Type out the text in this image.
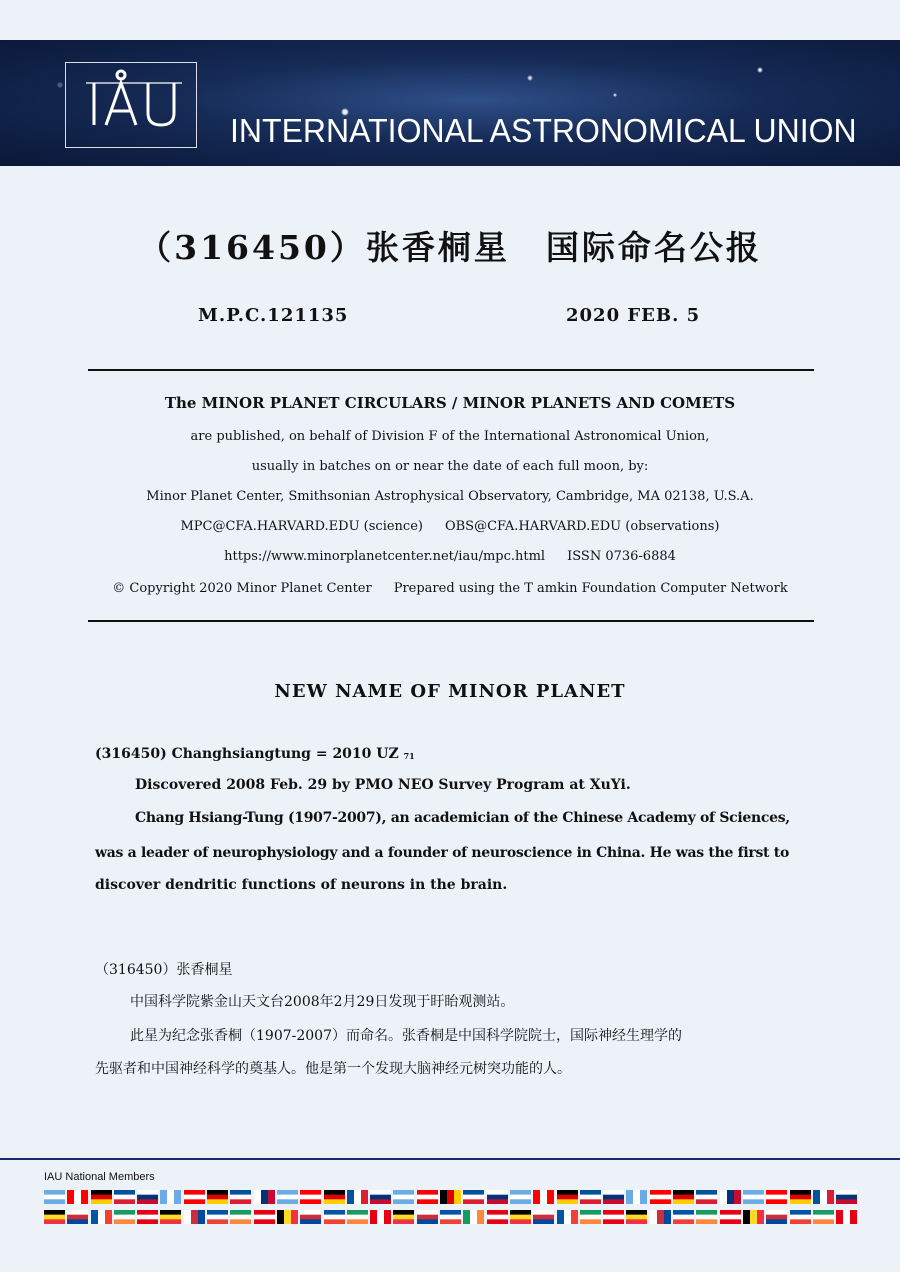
INTERNATIONAL ASTRONOMICAL UNION
（316450）张香桐星　国际命名公报
M.P.C.121135	2020 FEB. 5
The MINOR PLANET CIRCULARS / MINOR PLANETS AND COMETS
are published, on behalf of Division F of the International Astronomical Union,
usually in batches on or near the date of each full moon, by:
Minor Planet Center, Smithsonian Astrophysical Observatory, Cambridge, MA 02138, U.S.A.
MPC@CFA.HARVARD.EDU (science) OBS@CFA.HARVARD.EDU (observations)
https://www.minorplanetcenter.net/iau/mpc.html ISSN 0736-6884
© Copyright 2020 Minor Planet Center Prepared using the T amkin Foundation Computer Network
NEW NAME OF MINOR PLANET
(316450) Changhsiangtung = 2010 UZ $_{71}$
Discovered 2008 Feb. 29 by PMO NEO Survey Program at XuYi.
Chang Hsiang-Tung (1907-2007), an academician of the Chinese Academy of Sciences,
was a leader of neurophysiology and a founder of neuroscience in China. He was the first to
discover dendritic functions of neurons in the brain.
（316450）张香桐星
中国科学院紫金山天文台2008年2月29日发现于盱眙观测站。
此星为纪念张香桐（1907-2007）而命名。张香桐是中国科学院院士，国际神经生理学的
先驱者和中国神经科学的奠基人。他是第一个发现大脑神经元树突功能的人。
IAU National Members
